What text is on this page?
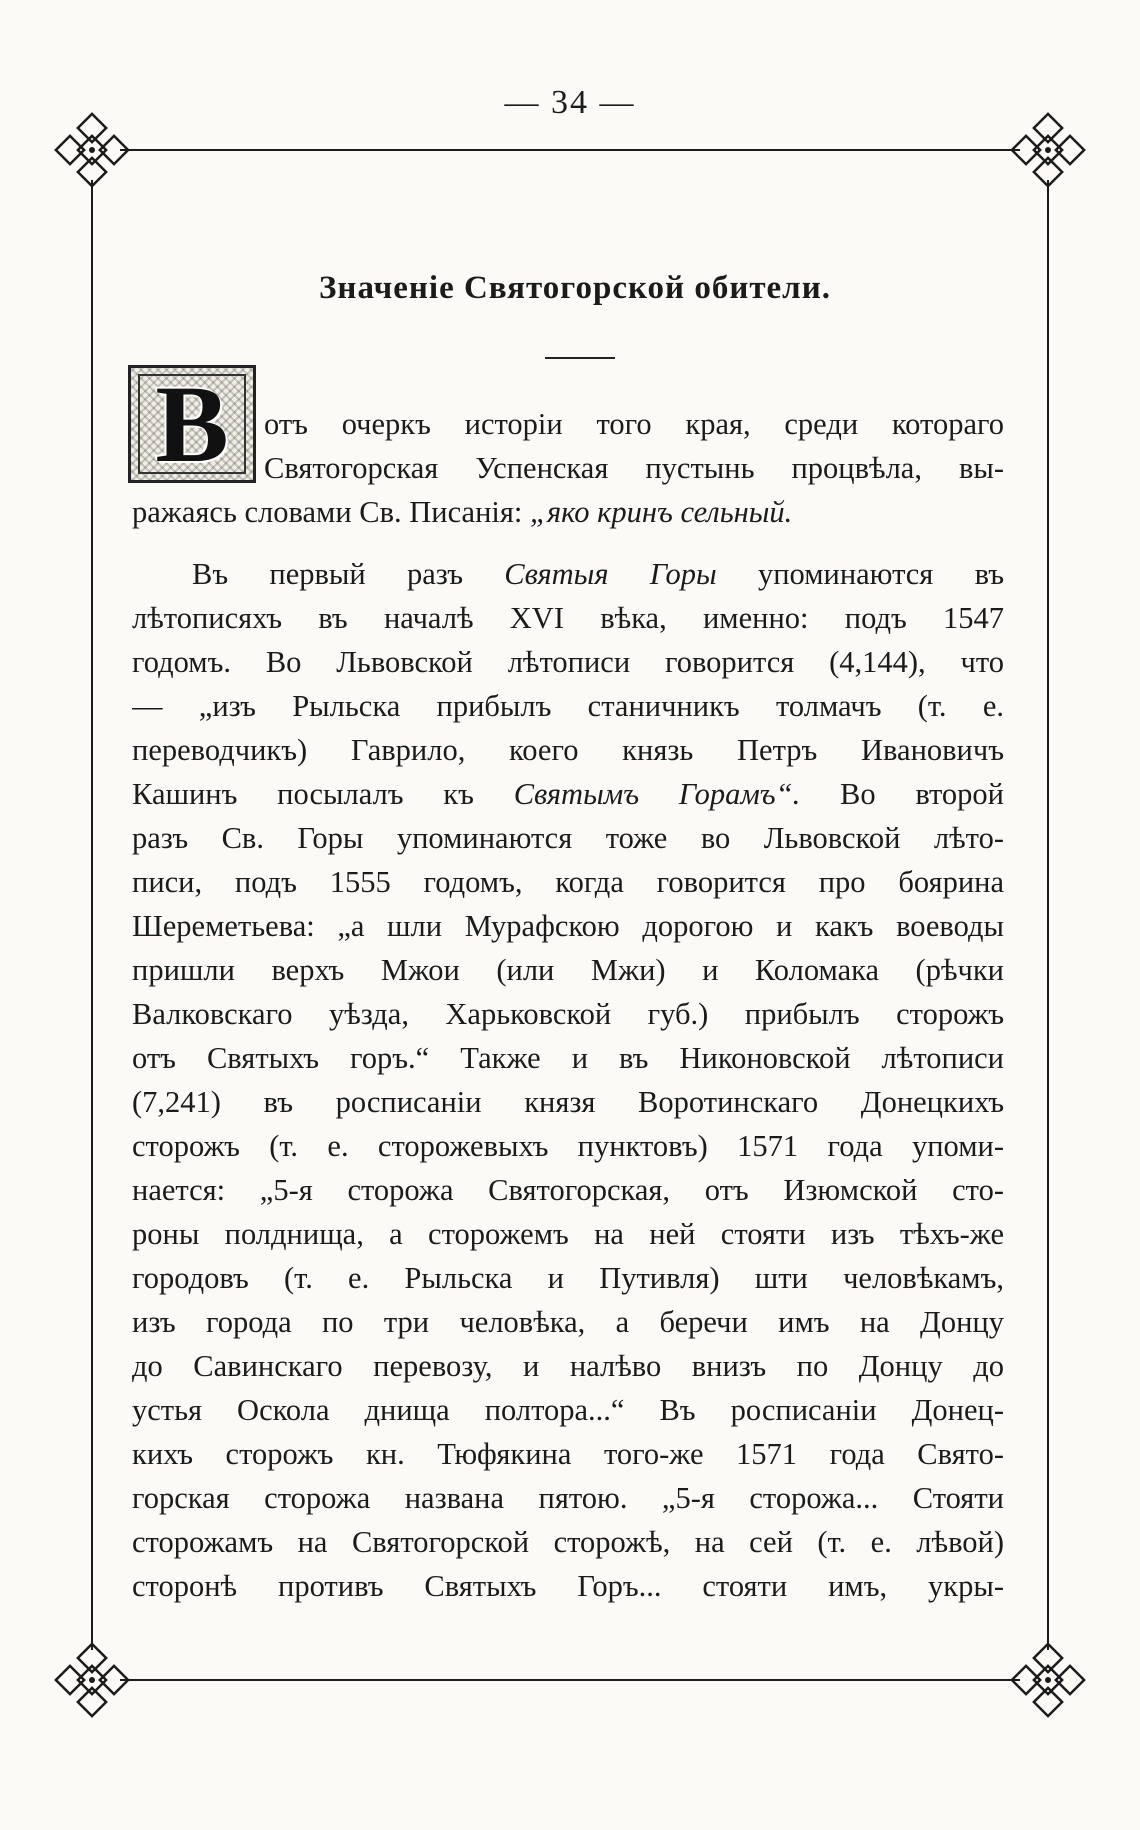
— 34 —
Значеніе Святогорской обители.
В отъ очеркъ исторіи того края, среди котораго
Святогорская Успенская пустынь процвѣла, вы-
ражаясь словами Св. Писанія: „яко кринъ сельный.
Въ первый разъ Святыя Горы упоминаются въ
лѣтописяхъ въ началѣ XVI вѣка, именно: подъ 1547
годомъ. Во Львовской лѣтописи говорится (4,144), что
— „изъ Рыльска прибылъ станичникъ толмачъ (т. е.
переводчикъ) Гаврило, коего князь Петръ Ивановичъ
Кашинъ посылалъ къ Святымъ Горамъ“. Во второй
разъ Св. Горы упоминаются тоже во Львовской лѣто-
писи, подъ 1555 годомъ, когда говорится про боярина
Шереметьева: „а шли Мурафскою дорогою и какъ воеводы
пришли верхъ Мжои (или Мжи) и Коломака (рѣчки
Валковскаго уѣзда, Харьковской губ.) прибылъ сторожъ
отъ Святыхъ горъ.“ Также и въ Никоновской лѣтописи
(7,241) въ росписаніи князя Воротинскаго Донецкихъ
сторожъ (т. е. сторожевыхъ пунктовъ) 1571 года упоми-
нается: „5-я сторожа Святогорская, отъ Изюмской сто-
роны полднища, а сторожемъ на ней стояти изъ тѣхъ-же
городовъ (т. е. Рыльска и Путивля) шти человѣкамъ,
изъ города по три человѣка, а беречи имъ на Донцу
до Савинскаго перевозу, и налѣво внизъ по Донцу до
устья Оскола днища полтора...“ Въ росписаніи Донец-
кихъ сторожъ кн. Тюфякина того-же 1571 года Свято-
горская сторожа названа пятою. „5-я сторожа... Стояти
сторожамъ на Святогорской сторожѣ, на сей (т. е. лѣвой)
сторонѣ противъ Святыхъ Горъ... стояти имъ, укры-
